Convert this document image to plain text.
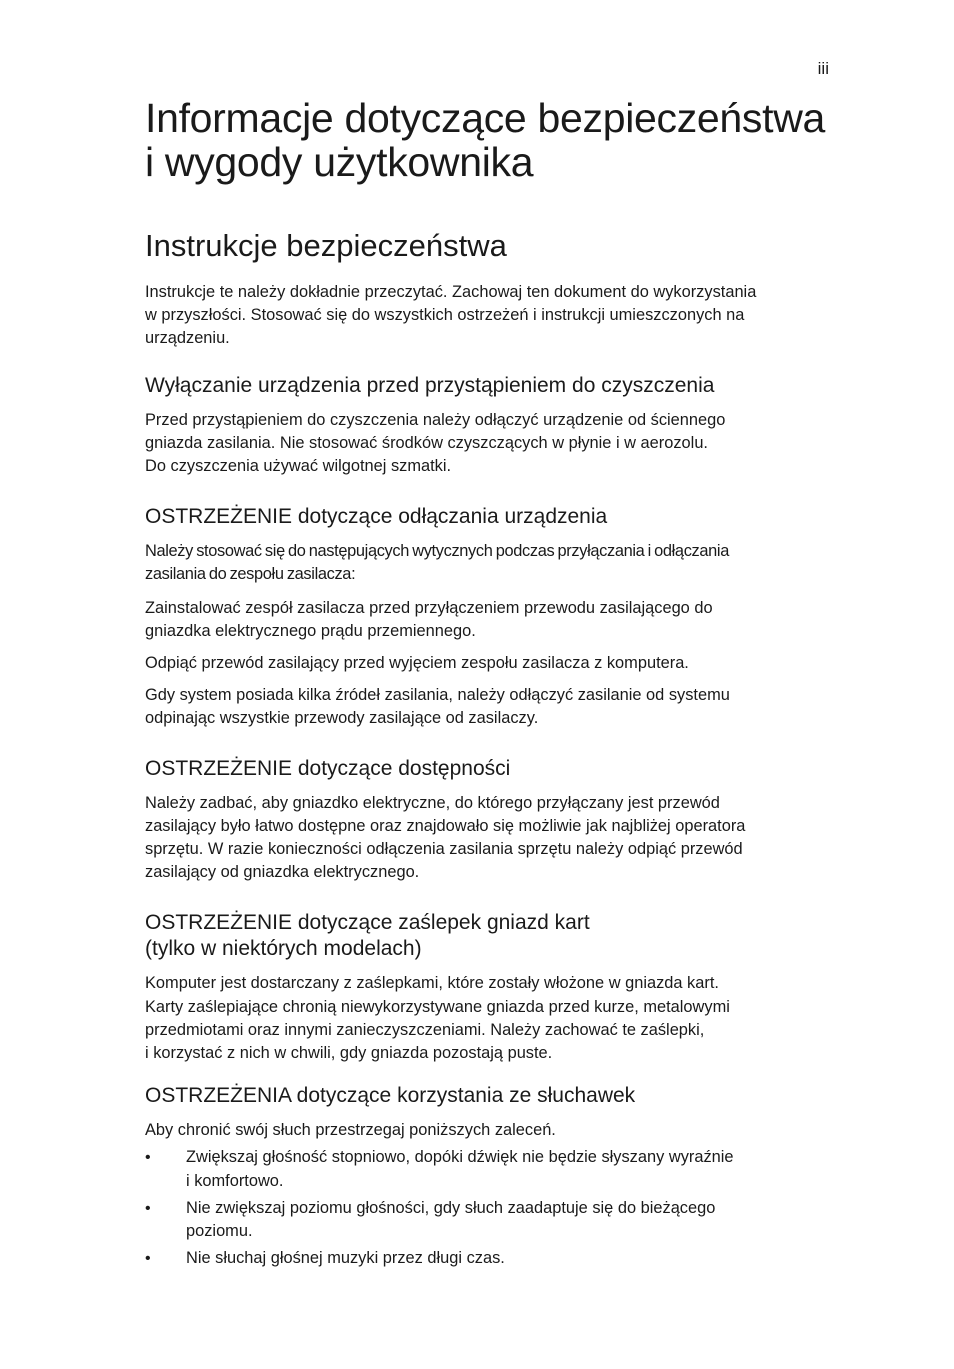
iii
Informacje dotyczące bezpieczeństwa
i wygody użytkownika
Instrukcje bezpieczeństwa
Instrukcje te należy dokładnie przeczytać. Zachowaj ten dokument do wykorzystania
w przyszłości. Stosować się do wszystkich ostrzeżeń i instrukcji umieszczonych na
urządzeniu.
Wyłączanie urządzenia przed przystąpieniem do czyszczenia
Przed przystąpieniem do czyszczenia należy odłączyć urządzenie od ściennego
gniazda zasilania. Nie stosować środków czyszczących w płynie i w aerozolu.
Do czyszczenia używać wilgotnej szmatki.
OSTRZEŻENIE dotyczące odłączania urządzenia
Należy stosować się do następujących wytycznych podczas przyłączania i odłączania
zasilania do zespołu zasilacza:
Zainstalować zespół zasilacza przed przyłączeniem przewodu zasilającego do
gniazdka elektrycznego prądu przemiennego.
Odpiąć przewód zasilający przed wyjęciem zespołu zasilacza z komputera.
Gdy system posiada kilka źródeł zasilania, należy odłączyć zasilanie od systemu
odpinając wszystkie przewody zasilające od zasilaczy.
OSTRZEŻENIE dotyczące dostępności
Należy zadbać, aby gniazdko elektryczne, do którego przyłączany jest przewód
zasilający było łatwo dostępne oraz znajdowało się możliwie jak najbliżej operatora
sprzętu. W razie konieczności odłączenia zasilania sprzętu należy odpiąć przewód
zasilający od gniazdka elektrycznego.
OSTRZEŻENIE dotyczące zaślepek gniazd kart
(tylko w niektórych modelach)
Komputer jest dostarczany z zaślepkami, które zostały włożone w gniazda kart.
Karty zaślepiające chronią niewykorzystywane gniazda przed kurze, metalowymi
przedmiotami oraz innymi zanieczyszczeniami. Należy zachować te zaślepki,
i korzystać z nich w chwili, gdy gniazda pozostają puste.
OSTRZEŻENIA dotyczące korzystania ze słuchawek
Aby chronić swój słuch przestrzegaj poniższych zaleceń.
• Zwiększaj głośność stopniowo, dopóki dźwięk nie będzie słyszany wyraźnie
i komfortowo.
• Nie zwiększaj poziomu głośności, gdy słuch zaadaptuje się do bieżącego
poziomu.
• Nie słuchaj głośnej muzyki przez długi czas.
